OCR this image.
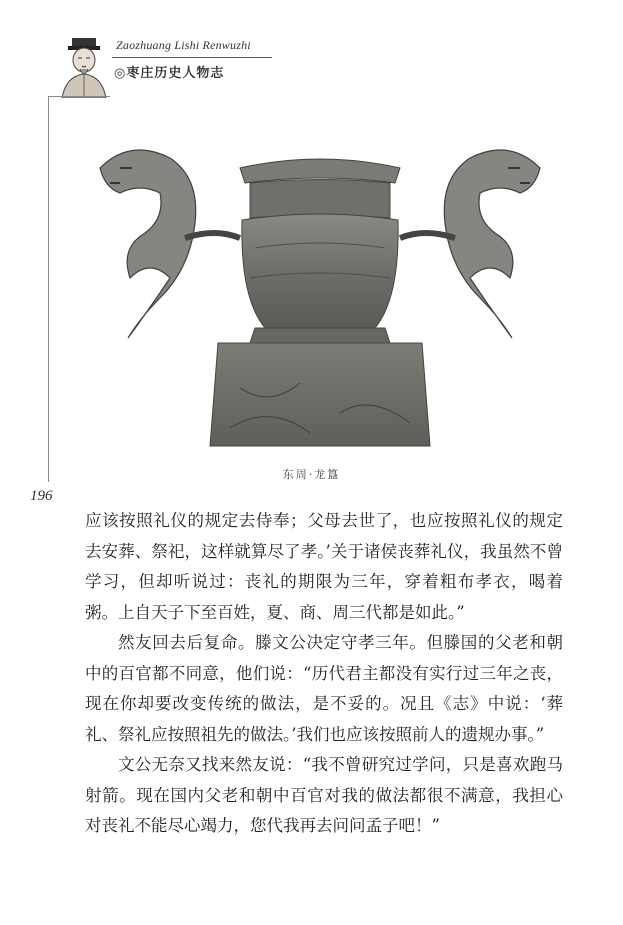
Zaozhuang Lishi Renwuzhi
◎枣庄历史人物志
东周·龙簋
196

应该按照礼仪的规定去侍奉；父母去世了，也应按照礼仪的规定去安葬、祭祀，这样就算尽了孝。’关于诸侯丧葬礼仪，我虽然不曾学习，但却听说过：丧礼的期限为三年，穿着粗布孝衣，喝着粥。上自天子下至百姓，夏、商、周三代都是如此。”

然友回去后复命。滕文公决定守孝三年。但滕国的父老和朝中的百官都不同意，他们说：“历代君主都没有实行过三年之丧，现在你却要改变传统的做法，是不妥的。况且《志》中说：‘葬礼、祭礼应按照祖先的做法。’我们也应该按照前人的遗规办事。”

文公无奈又找来然友说：“我不曾研究过学问，只是喜欢跑马射箭。现在国内父老和朝中百官对我的做法都很不满意，我担心对丧礼不能尽心竭力，您代我再去问问孟子吧！”
